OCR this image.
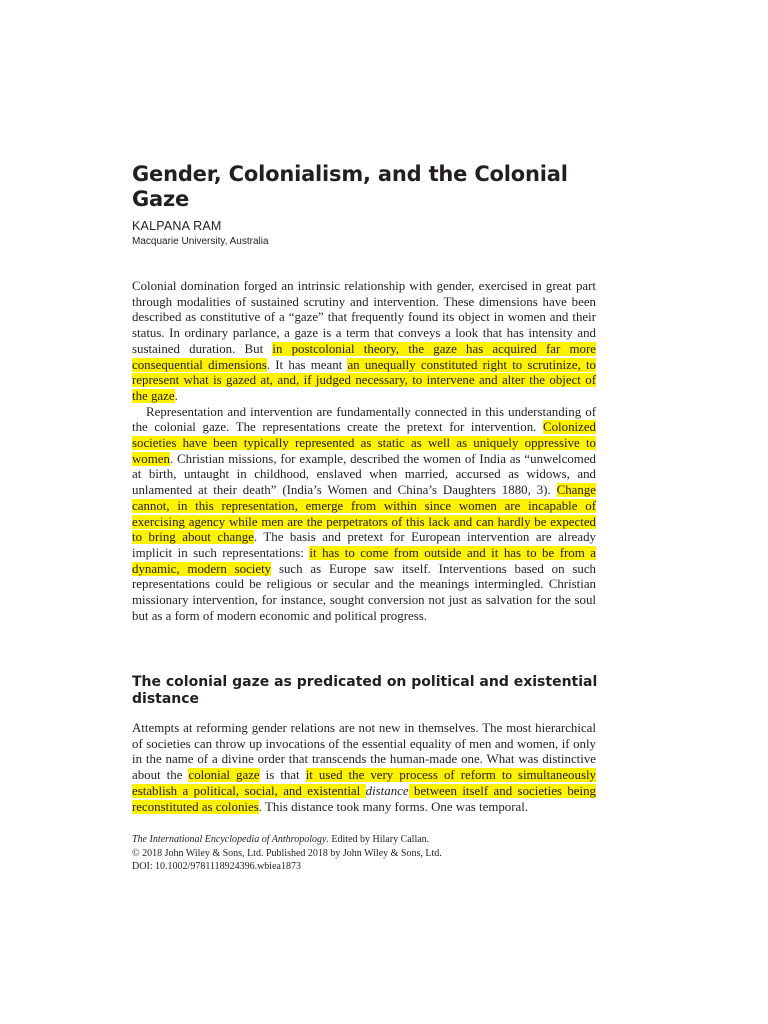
Gender, Colonialism, and the Colonial Gaze
KALPANA RAM
Macquarie University, Australia

Colonial domination forged an intrinsic relationship with gender, exercised in great part through modalities of sustained scrutiny and intervention. These dimensions have been described as constitutive of a “gaze” that frequently found its object in women and their status. In ordinary parlance, a gaze is a term that conveys a look that has intensity and sustained duration. But in postcolonial theory, the gaze has acquired far more consequential dimensions. It has meant an unequally constituted right to scrutinize, to represent what is gazed at, and, if judged necessary, to intervene and alter the object of the gaze.

Representation and intervention are fundamentally connected in this understanding of the colonial gaze. The representations create the pretext for intervention. Colonized societies have been typically represented as static as well as uniquely oppressive to women. Christian missions, for example, described the women of India as “unwelcomed at birth, untaught in childhood, enslaved when married, accursed as widows, and unlamented at their death” (India’s Women and China’s Daughters 1880, 3). Change cannot, in this representation, emerge from within since women are incapable of exercising agency while men are the perpetrators of this lack and can hardly be expected to bring about change. The basis and pretext for European intervention are already implicit in such representations: it has to come from outside and it has to be from a dynamic, modern society such as Europe saw itself. Interventions based on such representations could be religious or secular and the meanings intermingled. Christian missionary intervention, for instance, sought conversion not just as salvation for the soul but as a form of modern economic and political progress.

The colonial gaze as predicated on political and existential distance

Attempts at reforming gender relations are not new in themselves. The most hierarchical of societies can throw up invocations of the essential equality of men and women, if only in the name of a divine order that transcends the human-made one. What was distinctive about the colonial gaze is that it used the very process of reform to simultaneously establish a political, social, and existential distance between itself and societies being reconstituted as colonies. This distance took many forms. One was temporal.

The International Encyclopedia of Anthropology. Edited by Hilary Callan.
© 2018 John Wiley & Sons, Ltd. Published 2018 by John Wiley & Sons, Ltd.
DOI: 10.1002/9781118924396.wbiea1873
